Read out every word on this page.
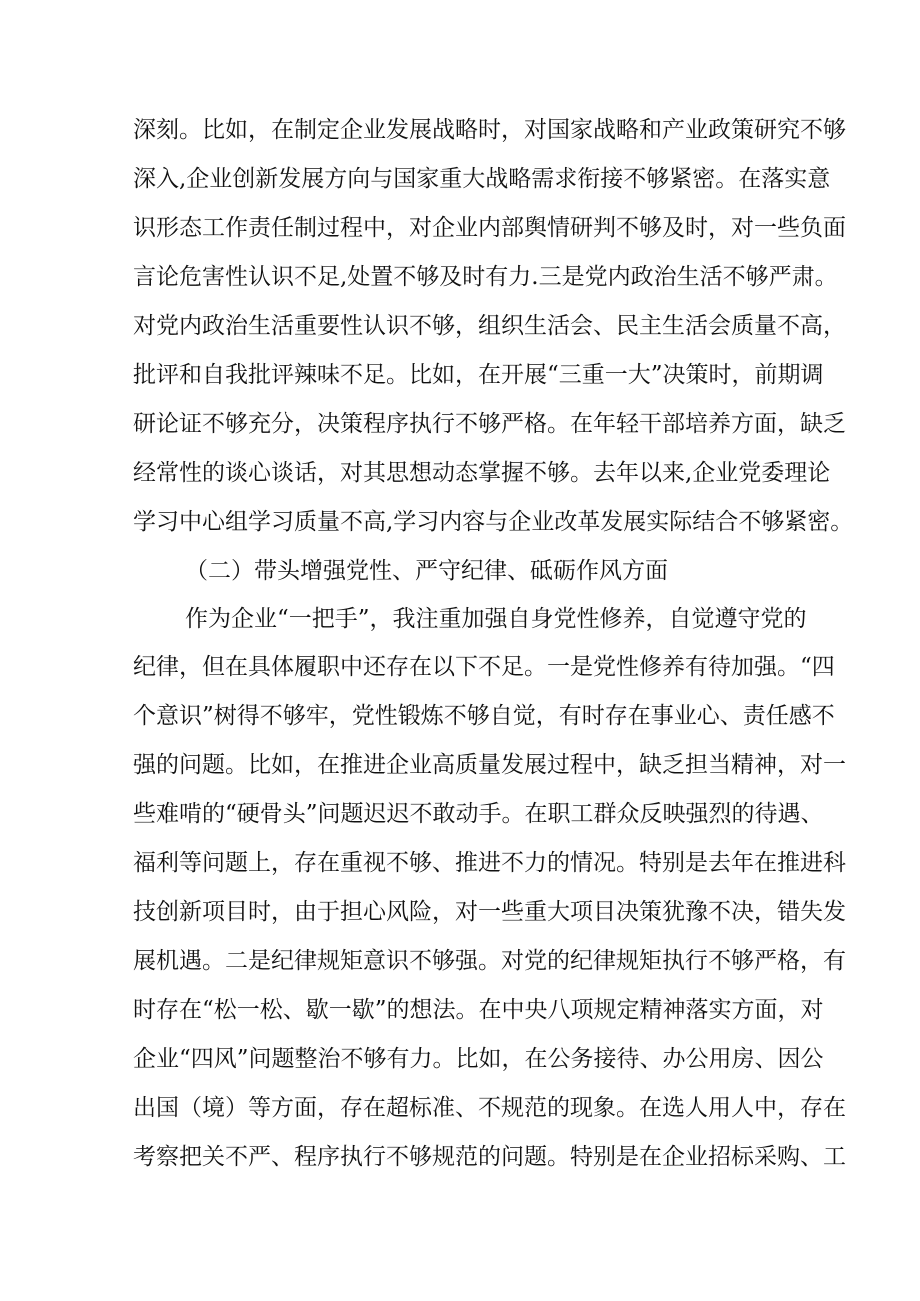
深刻。比如，在制定企业发展战略时，对国家战略和产业政策研究不够
深入,企业创新发展方向与国家重大战略需求衔接不够紧密。在落实意
识形态工作责任制过程中，对企业内部舆情研判不够及时，对一些负面
言论危害性认识不足,处置不够及时有力.三是党内政治生活不够严肃。
对党内政治生活重要性认识不够，组织生活会、民主生活会质量不高，
批评和自我批评辣味不足。比如，在开展“三重一大”决策时，前期调
研论证不够充分，决策程序执行不够严格。在年轻干部培养方面，缺乏
经常性的谈心谈话，对其思想动态掌握不够。去年以来,企业党委理论
学习中心组学习质量不高,学习内容与企业改革发展实际结合不够紧密。
（二）带头增强党性、严守纪律、砥砺作风方面
作为企业“一把手”，我注重加强自身党性修养，自觉遵守党的
纪律，但在具体履职中还存在以下不足。一是党性修养有待加强。“四
个意识”树得不够牢，党性锻炼不够自觉，有时存在事业心、责任感不
强的问题。比如，在推进企业高质量发展过程中，缺乏担当精神，对一
些难啃的“硬骨头”问题迟迟不敢动手。在职工群众反映强烈的待遇、
福利等问题上，存在重视不够、推进不力的情况。特别是去年在推进科
技创新项目时，由于担心风险，对一些重大项目决策犹豫不决，错失发
展机遇。二是纪律规矩意识不够强。对党的纪律规矩执行不够严格，有
时存在“松一松、歇一歇”的想法。在中央八项规定精神落实方面，对
企业“四风”问题整治不够有力。比如，在公务接待、办公用房、因公
出国（境）等方面，存在超标准、不规范的现象。在选人用人中，存在
考察把关不严、程序执行不够规范的问题。特别是在企业招标采购、工
